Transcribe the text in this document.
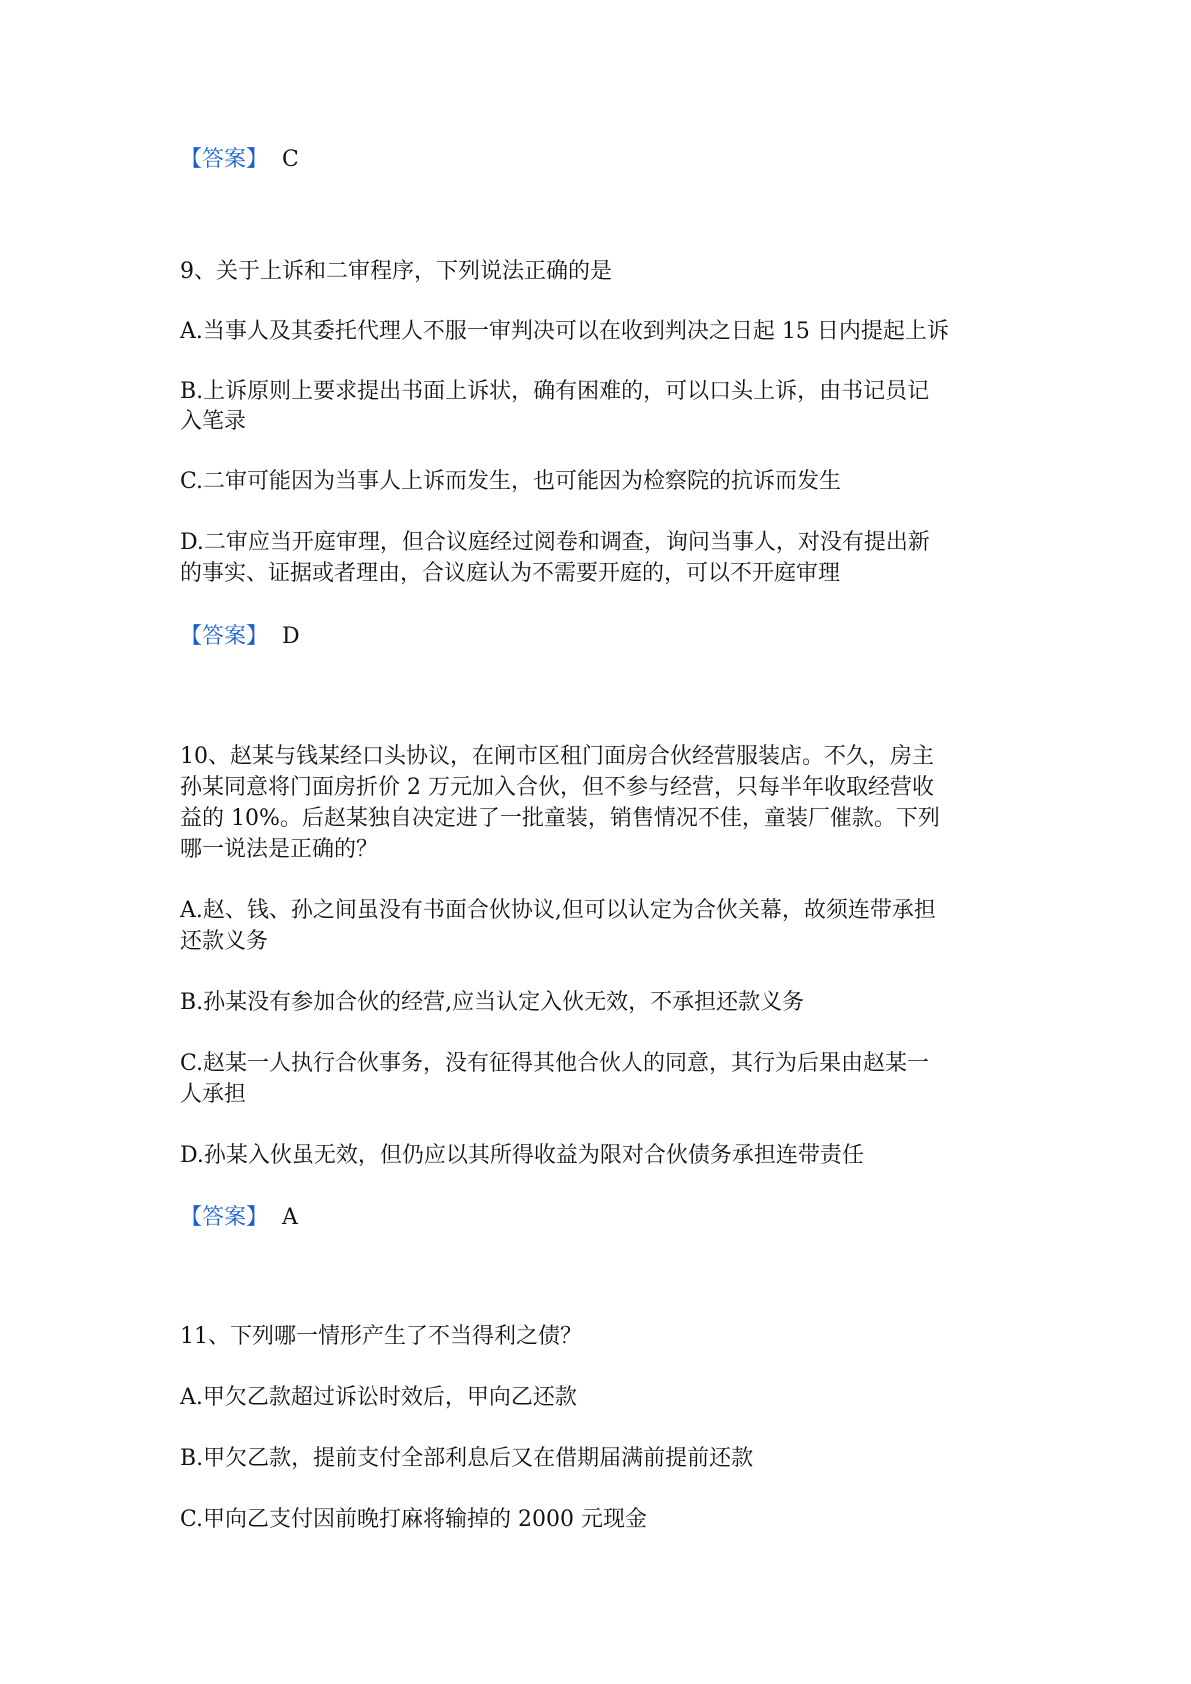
【答案】 C
9、关于上诉和二审程序，下列说法正确的是
A.当事人及其委托代理人不服一审判决可以在收到判决之日起 15 日内提起上诉
B.上诉原则上要求提出书面上诉状，确有困难的，可以口头上诉，由书记员记
入笔录
C.二审可能因为当事人上诉而发生，也可能因为检察院的抗诉而发生
D.二审应当开庭审理，但合议庭经过阅卷和调查，询问当事人，对没有提出新
的事实、证据或者理由，合议庭认为不需要开庭的，可以不开庭审理
【答案】 D
10、赵某与钱某经口头协议，在闸市区租门面房合伙经营服装店。不久，房主
孙某同意将门面房折价 2 万元加入合伙，但不参与经营，只每半年收取经营收
益的 10%。后赵某独自决定进了一批童装，销售情况不佳，童装厂催款。下列
哪一说法是正确的？
A.赵、钱、孙之间虽没有书面合伙协议,但可以认定为合伙关幕，故须连带承担
还款义务
B.孙某没有参加合伙的经营,应当认定入伙无效，不承担还款义务
C.赵某一人执行合伙事务，没有征得其他合伙人的同意，其行为后果由赵某一
人承担
D.孙某入伙虽无效，但仍应以其所得收益为限对合伙债务承担连带责任
【答案】 A
11、下列哪一情形产生了不当得利之债？
A.甲欠乙款超过诉讼时效后，甲向乙还款
B.甲欠乙款，提前支付全部利息后又在借期届满前提前还款
C.甲向乙支付因前晚打麻将输掉的 2000 元现金
